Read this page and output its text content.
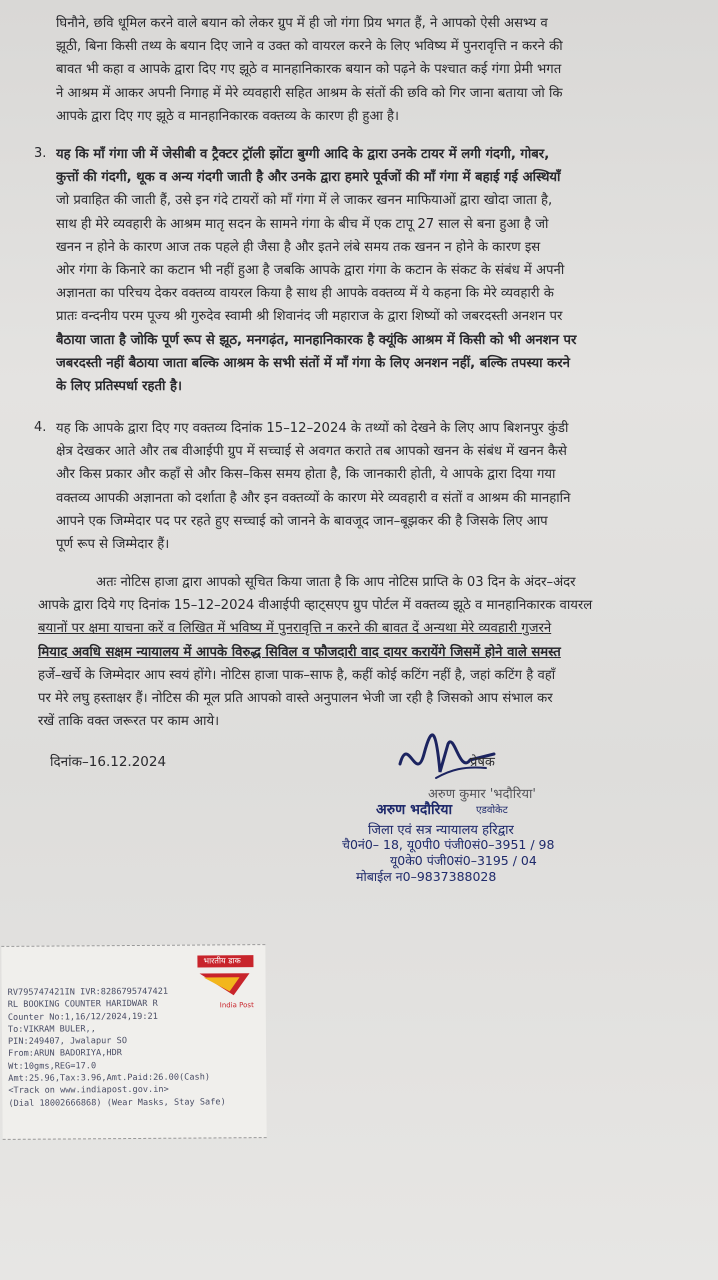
घिनौने, छवि धूमिल करने वाले बयान को लेकर ग्रुप में ही जो गंगा प्रिय भगत हैं, ने आपको ऐसी असभ्य व
झूठी, बिना किसी तथ्य के बयान दिए जाने व उक्त को वायरल करने के लिए भविष्य में पुनरावृत्ति न करने की
बावत भी कहा व आपके द्वारा दिए गए झूठे व मानहानिकारक बयान को पढ़ने के पश्चात कई गंगा प्रेमी भगत
ने आश्रम में आकर अपनी निगाह में मेरे व्यवहारी सहित आश्रम के संतों की छवि को गिर जाना बताया जो कि
आपके द्वारा दिए गए झूठे व मानहानिकारक वक्तव्य के कारण ही हुआ है।
3. यह कि माँ गंगा जी में जेसीबी व ट्रैक्टर ट्रॉली झोंटा बुग्गी आदि के द्वारा उनके टायर में लगी गंदगी, गोबर,
कुत्तों की गंदगी, थूक व अन्य गंदगी जाती है और उनके द्वारा हमारे पूर्वजों की माँ गंगा में बहाई गई अस्थियाँ
जो प्रवाहित की जाती हैं, उसे इन गंदे टायरों को माँ गंगा में ले जाकर खनन माफियाओं द्वारा खोदा जाता है,
साथ ही मेरे व्यवहारी के आश्रम मातृ सदन के सामने गंगा के बीच में एक टापू 27 साल से बना हुआ है जो
खनन न होने के कारण आज तक पहले ही जैसा है और इतने लंबे समय तक खनन न होने के कारण इस
ओर गंगा के किनारे का कटान भी नहीं हुआ है जबकि आपके द्वारा गंगा के कटान के संकट के संबंध में अपनी
अज्ञानता का परिचय देकर वक्तव्य वायरल किया है साथ ही आपके वक्तव्य में ये कहना कि मेरे व्यवहारी के
प्रातः वन्दनीय परम पूज्य श्री गुरुदेव स्वामी श्री शिवानंद जी महाराज के द्वारा शिष्यों को जबरदस्ती अनशन पर
बैठाया जाता है जोकि पूर्ण रूप से झूठ, मनगढ़ंत, मानहानिकारक है क्यूंकि आश्रम में किसी को भी अनशन पर
जबरदस्ती नहीं बैठाया जाता बल्कि आश्रम के सभी संतों में माँ गंगा के लिए अनशन नहीं, बल्कि तपस्या करने
के लिए प्रतिस्पर्धा रहती है।
4. यह कि आपके द्वारा दिए गए वक्तव्य दिनांक 15–12–2024 के तथ्यों को देखने के लिए आप बिशनपुर कुंडी
क्षेत्र देखकर आते और तब वीआईपी ग्रुप में सच्चाई से अवगत कराते तब आपको खनन के संबंध में खनन कैसे
और किस प्रकार और कहाँ से और किस–किस समय होता है, कि जानकारी होती, ये आपके द्वारा दिया गया
वक्तव्य आपकी अज्ञानता को दर्शाता है और इन वक्तव्यों के कारण मेरे व्यवहारी व संतों व आश्रम की मानहानि
आपने एक जिम्मेदार पद पर रहते हुए सच्चाई को जानने के बावजूद जान–बूझकर की है जिसके लिए आप
पूर्ण रूप से जिम्मेदार हैं।
अतः नोटिस हाजा द्वारा आपको सूचित किया जाता है कि आप नोटिस प्राप्ति के 03 दिन के अंदर–अंदर
आपके द्वारा दिये गए दिनांक 15–12–2024 वीआईपी व्हाट्सएप ग्रुप पोर्टल में वक्तव्य झूठे व मानहानिकारक वायरल
बयानों पर क्षमा याचना करें व लिखित में भविष्य में पुनरावृत्ति न करने की बावत दें अन्यथा मेरे व्यवहारी गुजरने
मियाद अवधि सक्षम न्यायालय में आपके विरुद्ध सिविल व फौजदारी वाद दायर करायेंगे जिसमें होने वाले समस्त
हर्जे–खर्चे के जिम्मेदार आप स्वयं होंगे। नोटिस हाजा पाक–साफ है, कहीं कोई कटिंग नहीं है, जहां कटिंग है वहाँ
पर मेरे लघु हस्ताक्षर हैं। नोटिस की मूल प्रति आपको वास्ते अनुपालन भेजी जा रही है जिसको आप संभाल कर
रखें ताकि वक्त जरूरत पर काम आये।
दिनांक–16.12.2024	प्रेषक
अरुण कुमार 'भदौरिया'
अरुण भदौरिया एडवोकेट
जिला एवं सत्र न्यायालय हरिद्वार
चै0नं0– 18, यू0पी0 पंजी0सं0–3951 / 98
यू0के0 पंजी0सं0–3195 / 04
मोबाईल न0–9837388028
भारतीय डाक
India Post
RV795747421IN IVR:8286795747421
RL BOOKING COUNTER HARIDWAR R
Counter No:1,16/12/2024,19:21
To:VIKRAM BULER,,
PIN:249407, Jwalapur SO
From:ARUN BADORIYA,HDR
Wt:10gms,REG=17.0
Amt:25.96,Tax:3.96,Amt.Paid:26.00(Cash)
<Track on www.indiapost.gov.in>
(Dial 18002666868) (Wear Masks, Stay Safe)
